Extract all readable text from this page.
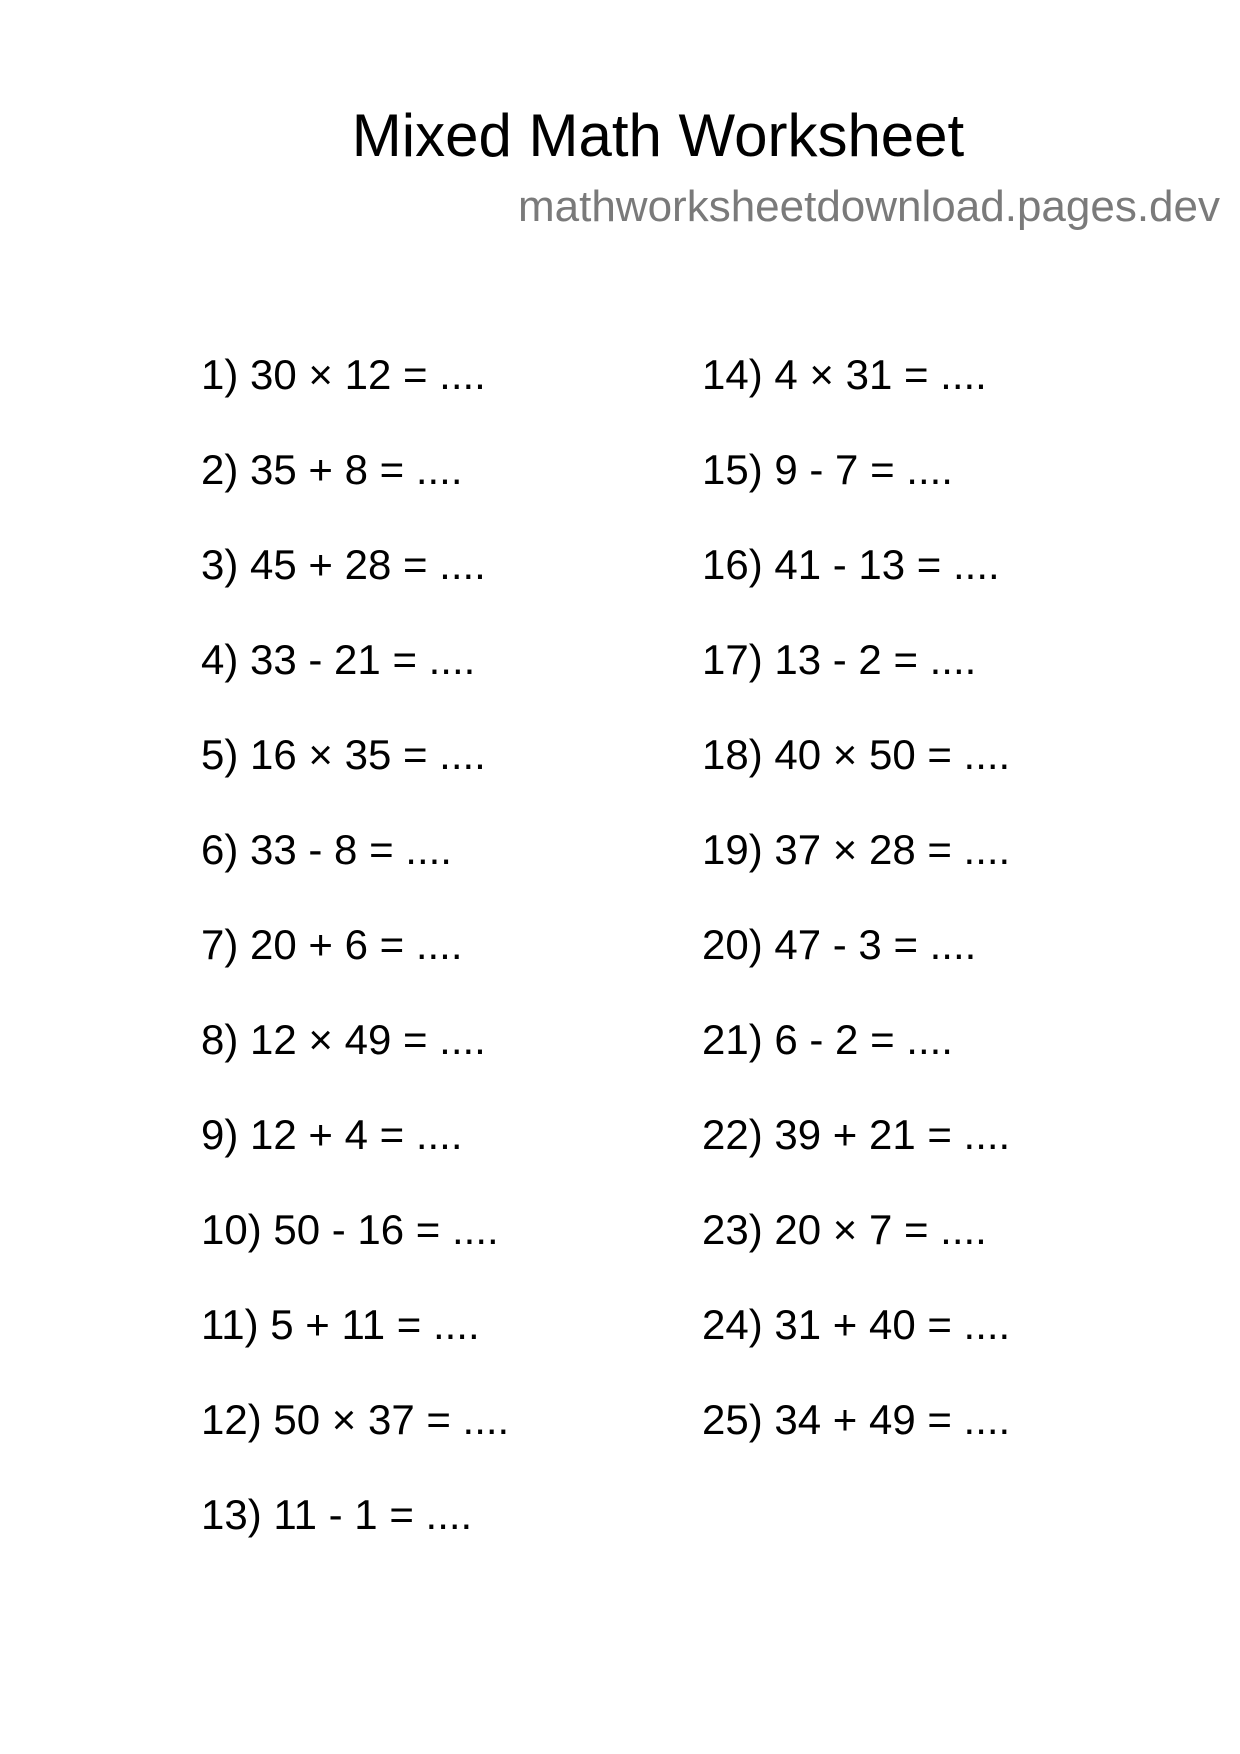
Mixed Math Worksheet
mathworksheetdownload.pages.dev
1) 30 × 12 = ....
2) 35 + 8 = ....
3) 45 + 28 = ....
4) 33 - 21 = ....
5) 16 × 35 = ....
6) 33 - 8 = ....
7) 20 + 6 = ....
8) 12 × 49 = ....
9) 12 + 4 = ....
10) 50 - 16 = ....
11) 5 + 11 = ....
12) 50 × 37 = ....
13) 11 - 1 = ....
14) 4 × 31 = ....
15) 9 - 7 = ....
16) 41 - 13 = ....
17) 13 - 2 = ....
18) 40 × 50 = ....
19) 37 × 28 = ....
20) 47 - 3 = ....
21) 6 - 2 = ....
22) 39 + 21 = ....
23) 20 × 7 = ....
24) 31 + 40 = ....
25) 34 + 49 = ....
